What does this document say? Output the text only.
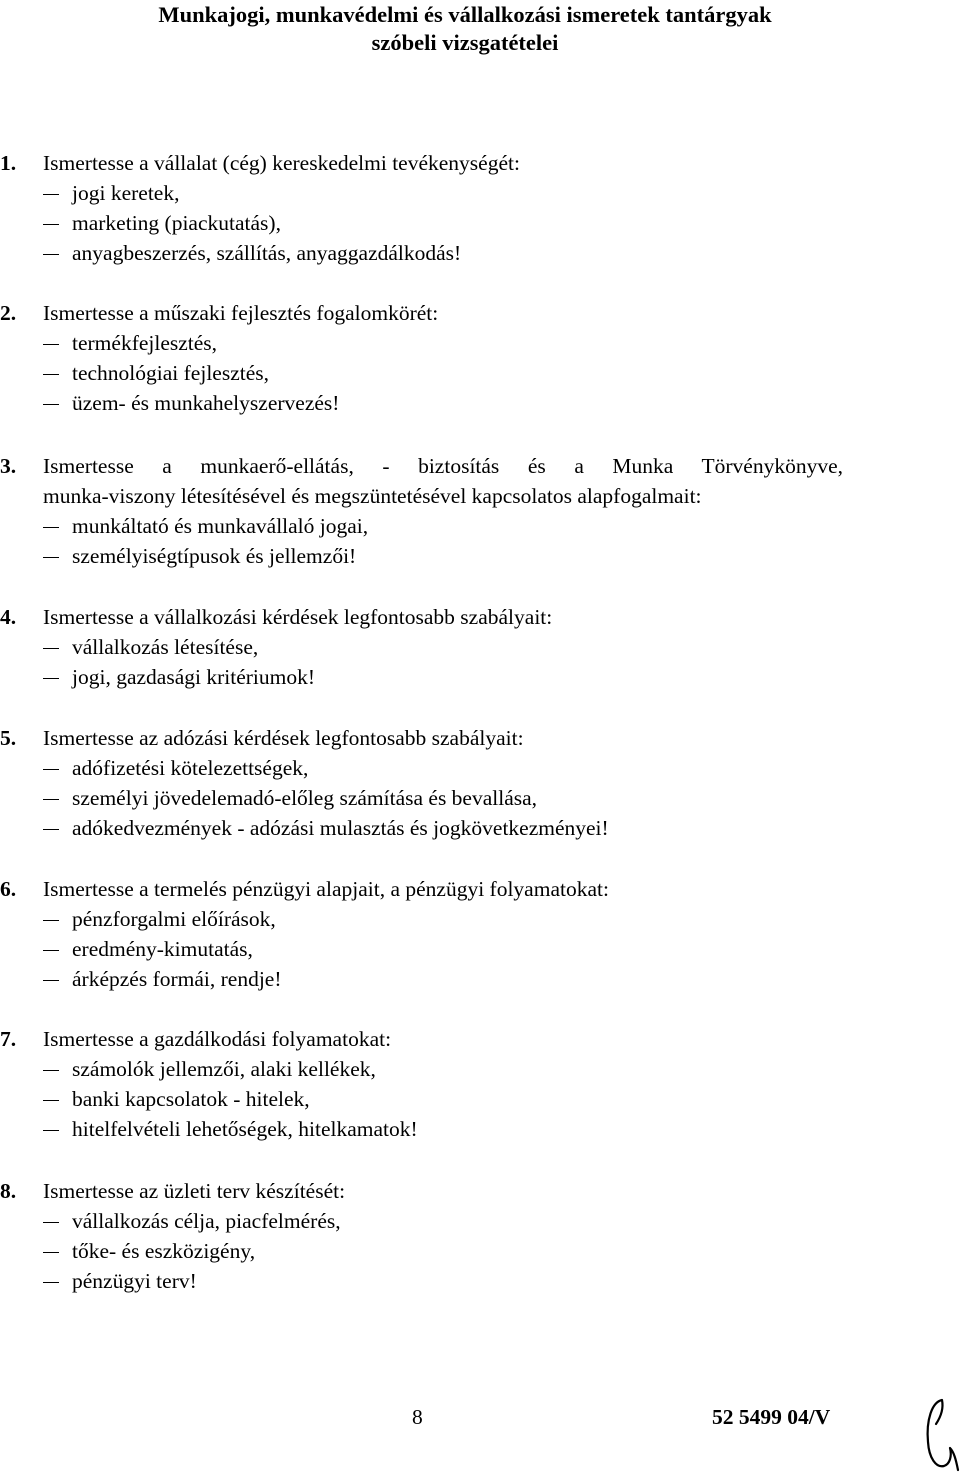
Munkajogi, munkavédelmi és vállalkozási ismeretek tantárgyak
szóbeli vizsgatételei
1. Ismertesse a vállalat (cég) kereskedelmi tevékenységét:
jogi keretek,
marketing (piackutatás),
anyagbeszerzés, szállítás, anyaggazdálkodás!
2. Ismertesse a műszaki fejlesztés fogalomkörét:
termékfejlesztés,
technológiai fejlesztés,
üzem- és munkahelyszervezés!
3. Ismertesse a munkaerő-ellátás, - biztosítás és a Munka Törvénykönyve,
munka-viszony létesítésével és megszüntetésével kapcsolatos alapfogalmait:
munkáltató és munkavállaló jogai,
személyiségtípusok és jellemzői!
4. Ismertesse a vállalkozási kérdések legfontosabb szabályait:
vállalkozás létesítése,
jogi, gazdasági kritériumok!
5. Ismertesse az adózási kérdések legfontosabb szabályait:
adófizetési kötelezettségek,
személyi jövedelemadó-előleg számítása és bevallása,
adókedvezmények - adózási mulasztás és jogkövetkezményei!
6. Ismertesse a termelés pénzügyi alapjait, a pénzügyi folyamatokat:
pénzforgalmi előírások,
eredmény-kimutatás,
árképzés formái, rendje!
7. Ismertesse a gazdálkodási folyamatokat:
számolók jellemzői, alaki kellékek,
banki kapcsolatok - hitelek,
hitelfelvételi lehetőségek, hitelkamatok!
8. Ismertesse az üzleti terv készítését:
vállalkozás célja, piacfelmérés,
tőke- és eszközigény,
pénzügyi terv!
8	52 5499 04/V
